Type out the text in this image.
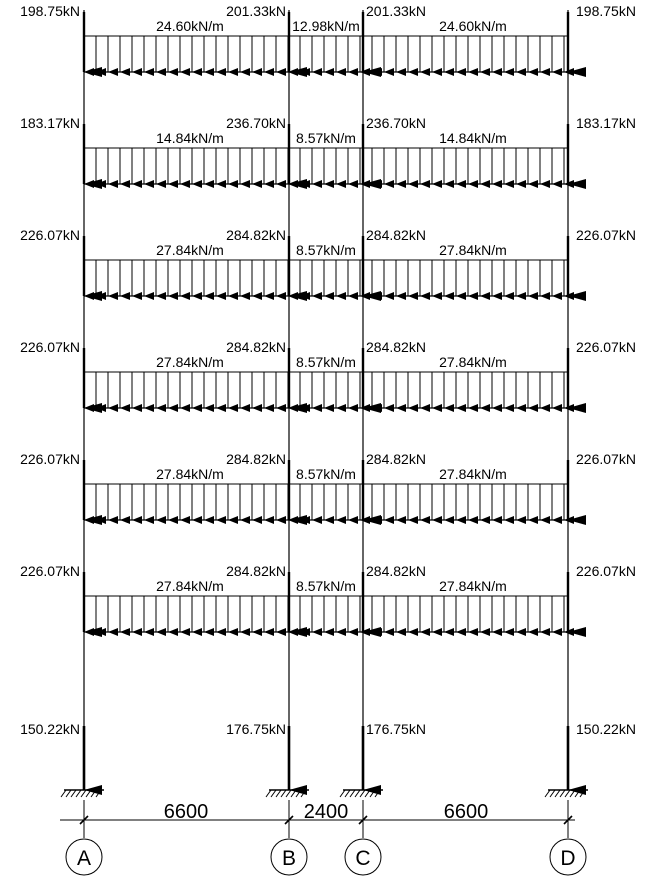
198.75kN	201.33kN	201.33kN	198.75kN
24.60kN/m	12.98kN/m	24.60kN/m
183.17kN	236.70kN	236.70kN	183.17kN
14.84kN/m	8.57kN/m	14.84kN/m
226.07kN	284.82kN	284.82kN	226.07kN
27.84kN/m	8.57kN/m	27.84kN/m
226.07kN	284.82kN	284.82kN	226.07kN
27.84kN/m	8.57kN/m	27.84kN/m
226.07kN	284.82kN	284.82kN	226.07kN
27.84kN/m	8.57kN/m	27.84kN/m
226.07kN	284.82kN	284.82kN	226.07kN
27.84kN/m	8.57kN/m	27.84kN/m
150.22kN	176.75kN	176.75kN	150.22kN
6600	2400	6600
A	B	C	D
